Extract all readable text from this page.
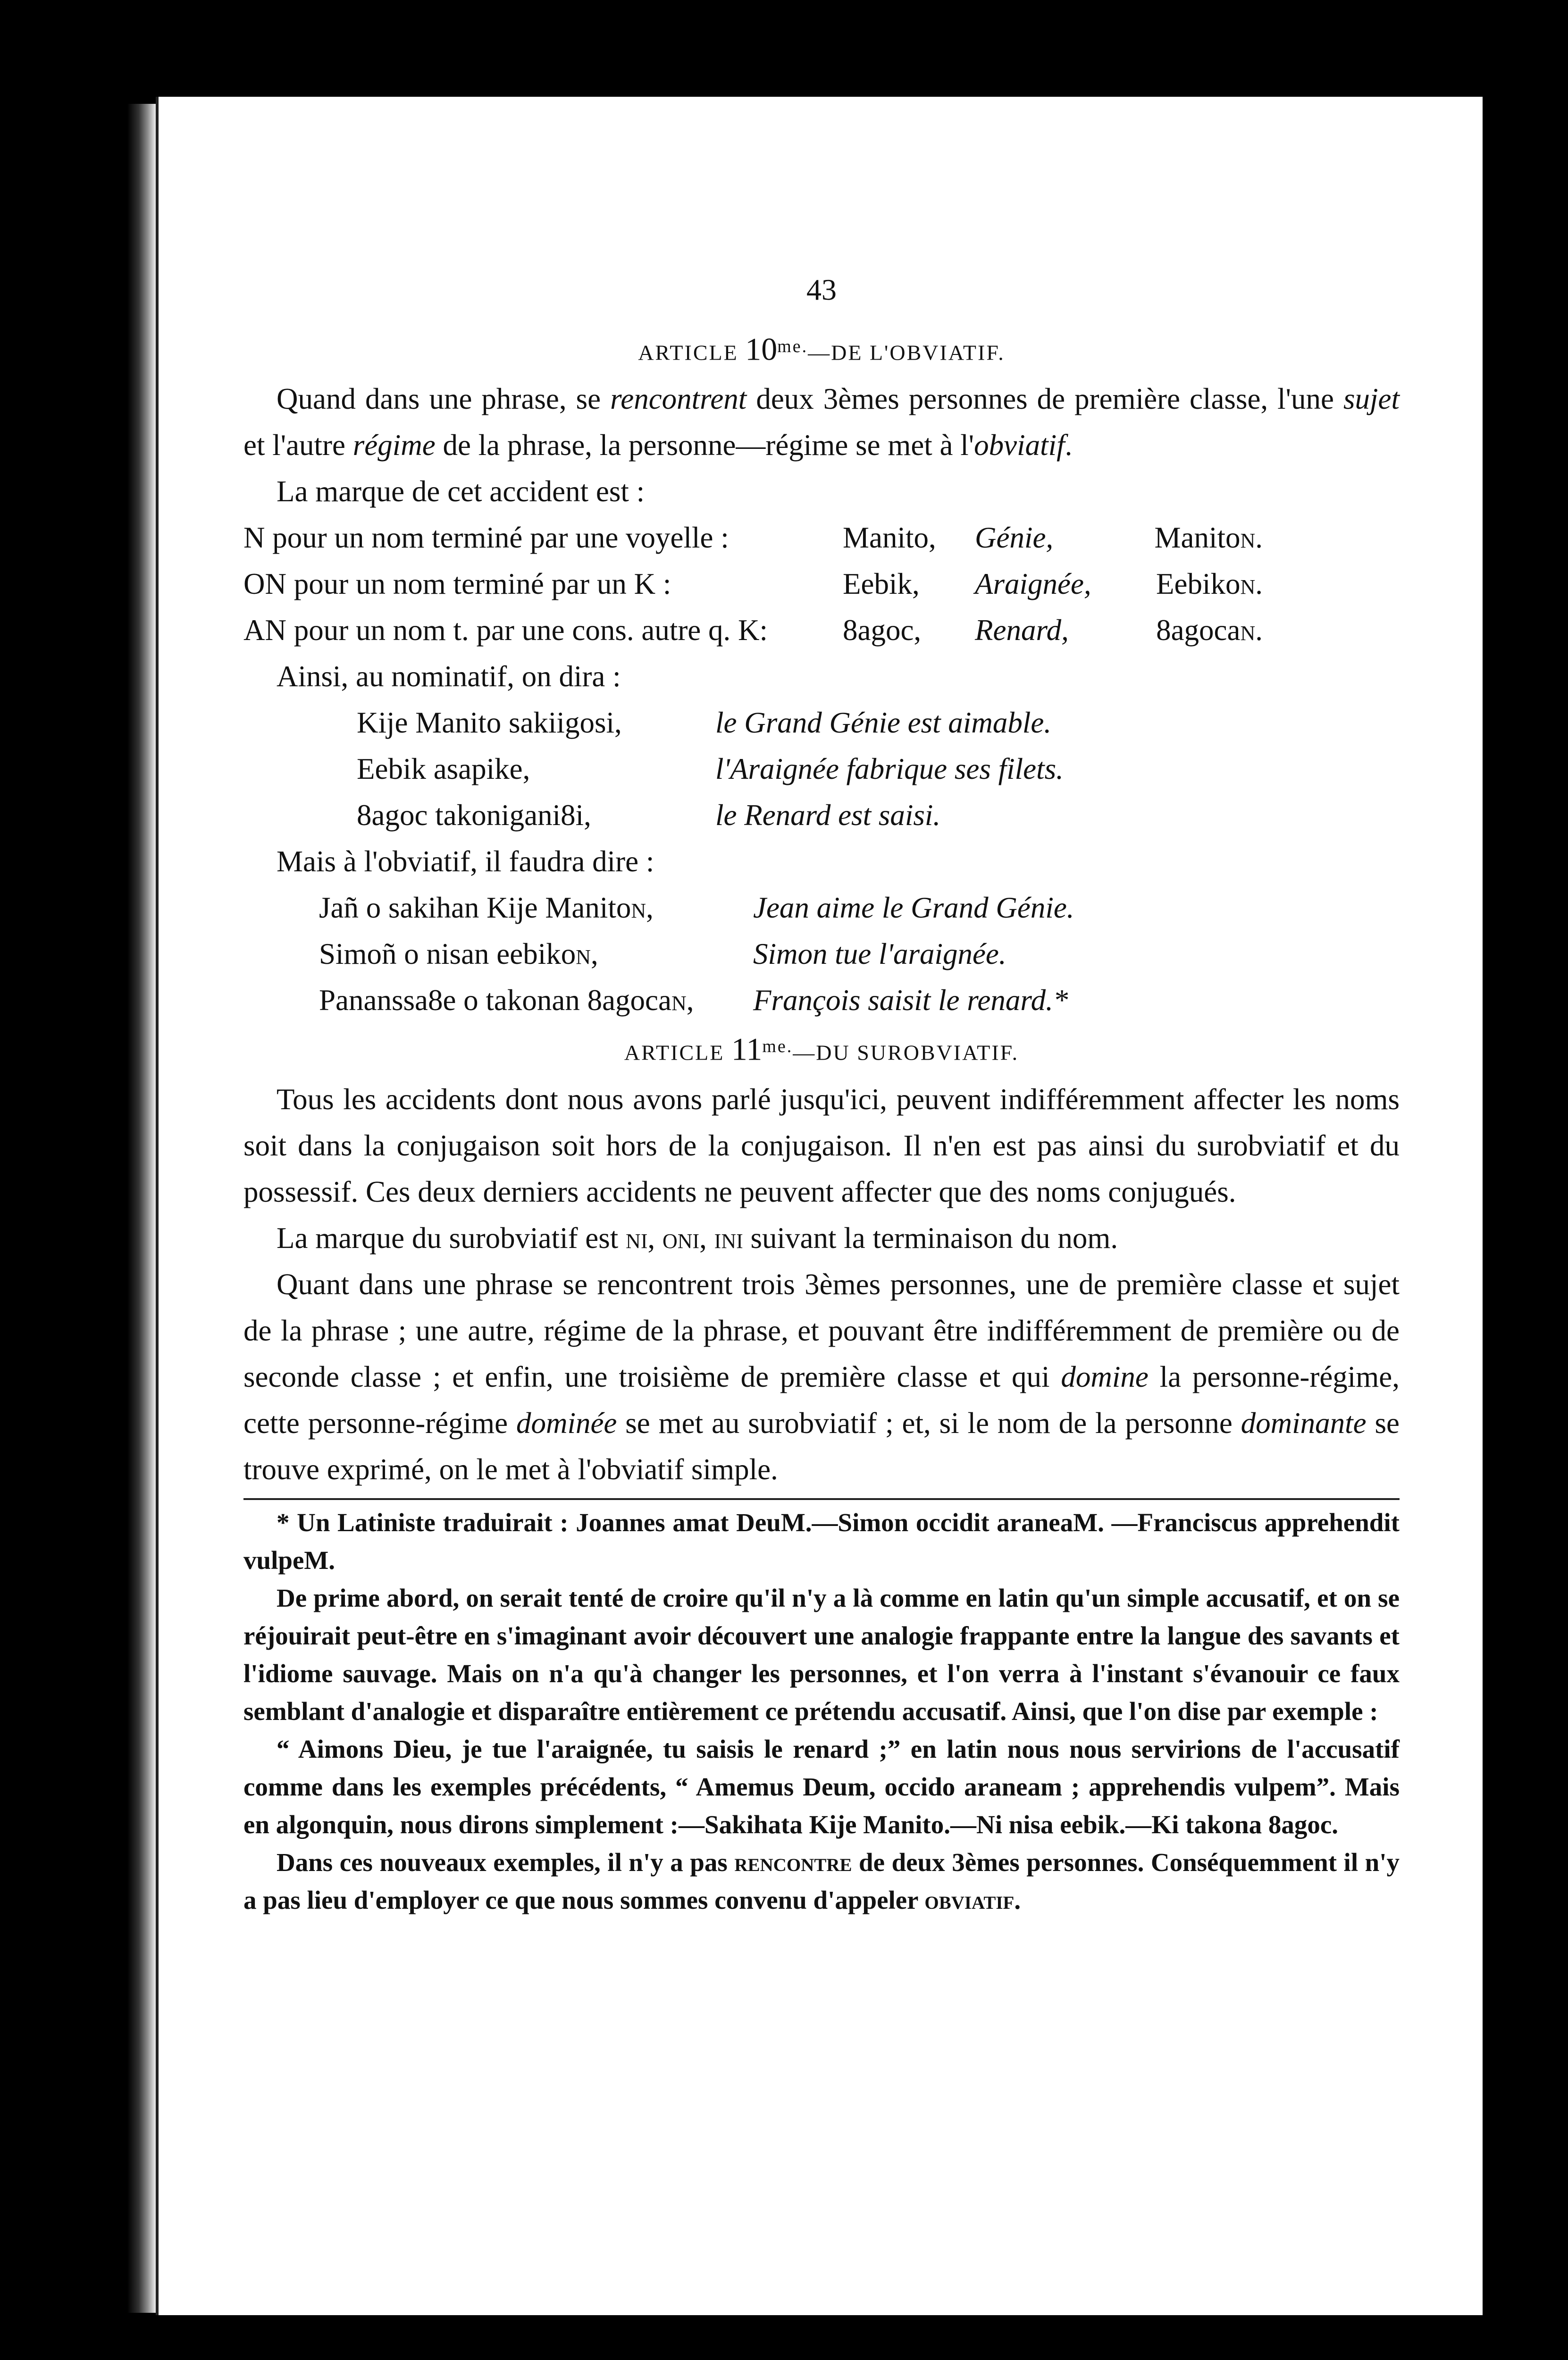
43
ARTICLE $10^{me.}—DE$ L'OBVIATIF.

Quand dans une phrase, se rencontrent deux 3èmes personnes de première classe, l'une sujet et l'autre régime de la phrase, la personne—régime se met à l'obviatif.

La marque de cet accident est :

N pour un nom terminé par une voyelle :	Manito,	Génie,	Maniton.
ON pour un nom terminé par un K :	Eebik,	Araignée,	Eebikon.
AN pour un nom t. par une cons. autre q. K:	8agoc,	Renard,	8agocan.

Ainsi, au nominatif, on dira :

Kije Manito sakiigosi,	le Grand Génie est aimable.
Eebik asapike,	l'Araignée fabrique ses filets.
8agoc takonigani8i,	le Renard est saisi.

Mais à l'obviatif, il faudra dire :

Jañ o sakihan Kije Maniton,	Jean aime le Grand Génie.
Simoñ o nisan eebikon,	Simon tue l'araignée.
Pananssa8e o takonan 8agocan,	François saisit le renard.*
ARTICLE $11^{me.}—DU$ SUROBVIATIF.

Tous les accidents dont nous avons parlé jusqu'ici, peuvent indifféremment affecter les noms soit dans la conjugaison soit hors de la conjugaison. Il n'en est pas ainsi du surobviatif et du possessif. Ces deux derniers accidents ne peuvent affecter que des noms conjugués.

La marque du surobviatif est ni, oni, ini suivant la terminaison du nom.

Quant dans une phrase se rencontrent trois 3èmes personnes, une de première classe et sujet de la phrase ; une autre, régime de la phrase, et pouvant être indifféremment de première ou de seconde classe ; et enfin, une troisième de première classe et qui domine la personne-régime, cette personne-régime dominée se met au surobviatif ; et, si le nom de la personne dominante se trouve exprimé, on le met à l'obviatif simple.

* Un Latiniste traduirait : Joannes amat DeuM.—Simon occidit araneaM. —Franciscus apprehendit vulpeM.

De prime abord, on serait tenté de croire qu'il n'y a là comme en latin qu'un simple accusatif, et on se réjouirait peut-être en s'imaginant avoir découvert une analogie frappante entre la langue des savants et l'idiome sauvage. Mais on n'a qu'à changer les personnes, et l'on verra à l'instant s'évanouir ce faux semblant d'analogie et disparaître entièrement ce prétendu accusatif. Ainsi, que l'on dise par exemple :

“ Aimons Dieu, je tue l'araignée, tu saisis le renard ;” en latin nous nous servirions de l'accusatif comme dans les exemples précédents, “ Amemus Deum, occido araneam ; apprehendis vulpem”. Mais en algonquin, nous dirons simplement :—Sakihata Kije Manito.—Ni nisa eebik.—Ki takona 8agoc.

Dans ces nouveaux exemples, il n'y a pas rencontre de deux 3èmes personnes. Conséquemment il n'y a pas lieu d'employer ce que nous sommes convenu d'appeler obviatif.
